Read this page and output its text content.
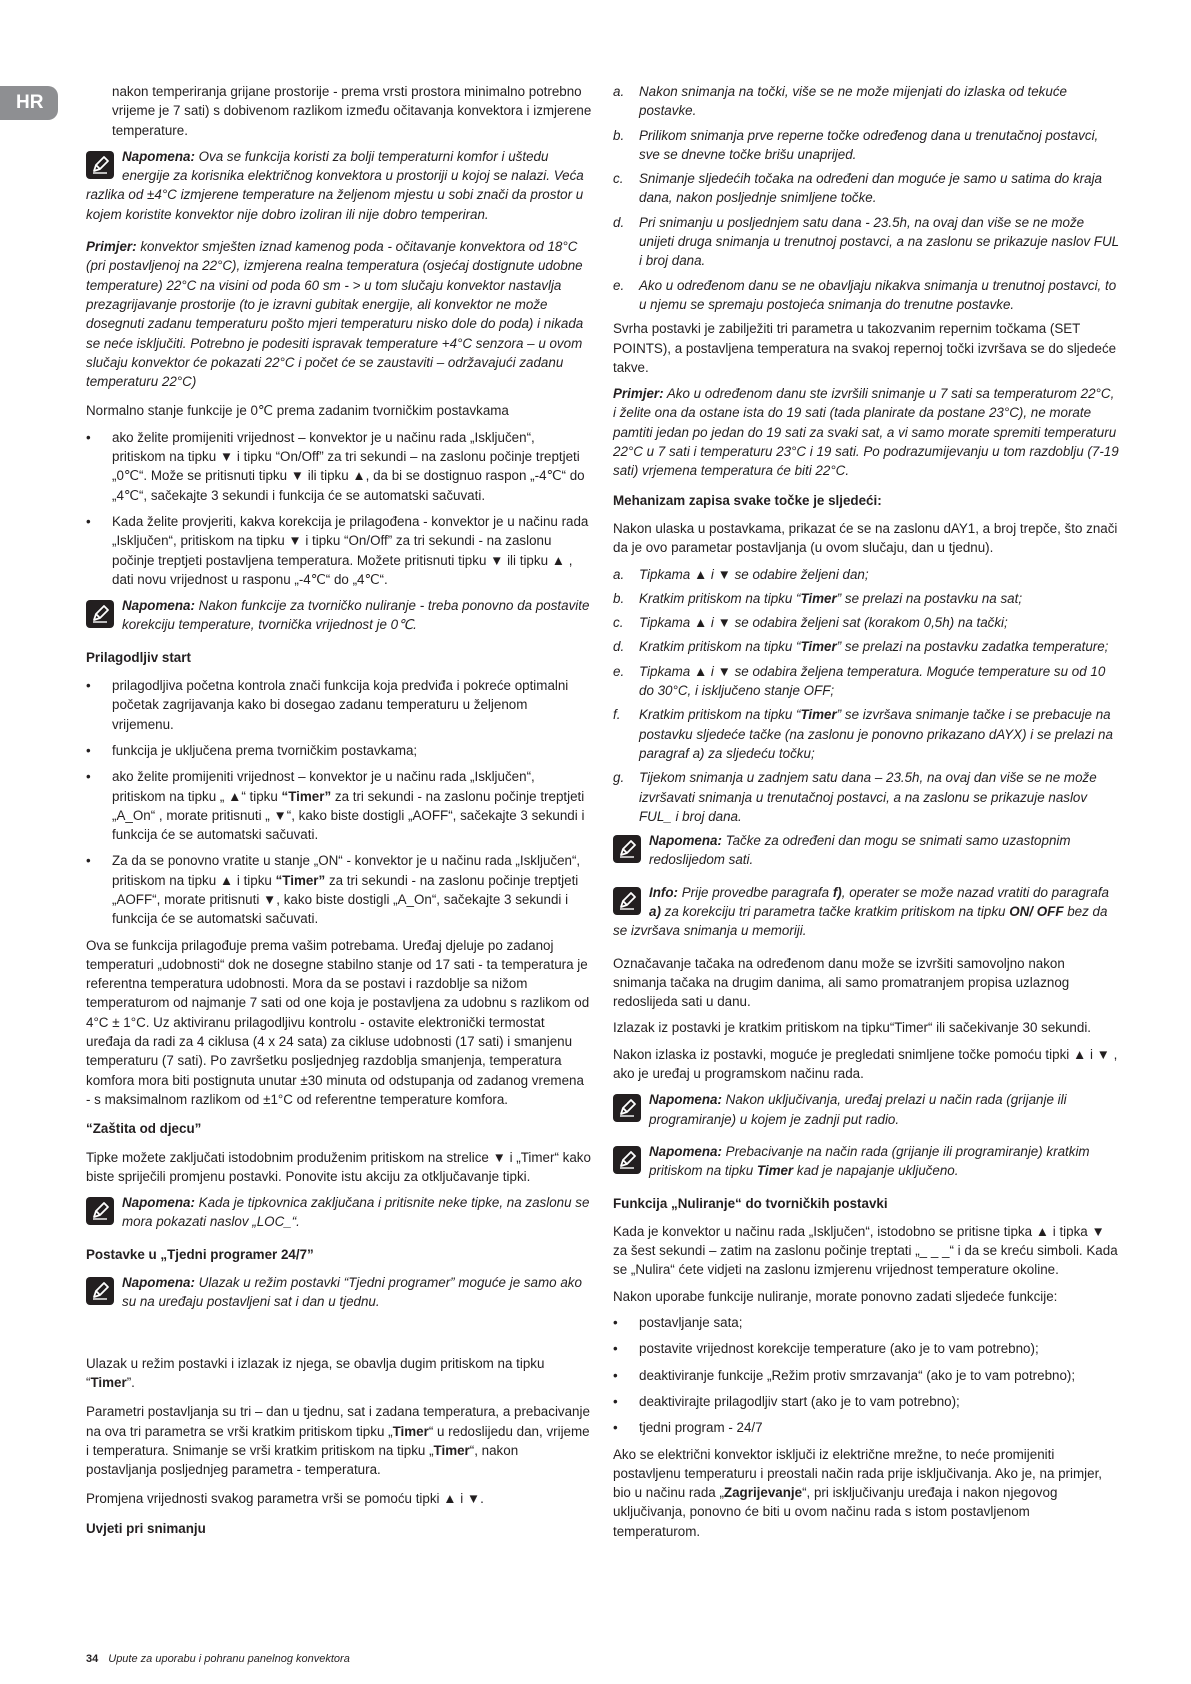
HR

nakon temperiranja grijane prostorije - prema vrsti prostora minimalno potrebno vrijeme je 7 sati) s dobivenom razlikom između očitavanja konvektora i izmjerene temperature.

Napomena: Ova se funkcija koristi za bolji temperaturni komfor i uštedu energije za korisnika električnog konvektora u prostoriji u kojoj se nalazi. Veća razlika od ±4°C izmjerene temperature na željenom mjestu u sobi znači da prostor u kojem koristite konvektor nije dobro izoliran ili nije dobro temperiran.

Primjer: konvektor smješten iznad kamenog poda - očitavanje konvektora od 18°C (pri postavljenoj na 22°C), izmjerena realna temperatura (osjećaj dostignute udobne temperature) 22°C na visini od poda 60 sm - > u tom slučaju konvektor nastavlja prezagrijavanje prostorije (to je izravni gubitak energije, ali konvektor ne može dosegnuti zadanu temperaturu pošto mjeri temperaturu nisko dole do poda) i nikada se neće isključiti. Potrebno je podesiti ispravak temperature +4°C senzora – u ovom slučaju konvektor će pokazati 22°C i počet će se zaustaviti – održavajući zadanu temperaturu 22°C)

Normalno stanje funkcije je 0℃ prema zadanim tvorničkim postavkama

• ako želite promijeniti vrijednost – konvektor je u načinu rada „Isključen“, pritiskom na tipku ▼ i tipku “On/Off” za tri sekundi – na zaslonu počinje treptjeti „0℃“. Može se pritisnuti tipku ▼ ili tipku ▲, da bi se dostignuo raspon „-4℃“ do „4℃“, sačekajte 3 sekundi i funkcija će se automatski sačuvati.
• Kada želite provjeriti, kakva korekcija je prilagođena - konvektor je u načinu rada „Isključen“, pritiskom na tipku ▼ i tipku “On/Off” za tri sekundi - na zaslonu počinje treptjeti postavljena temperatura. Možete pritisnuti tipku ▼ ili tipku ▲ , dati novu vrijednost u rasponu „-4℃“ do „4℃“.
Napomena: Nakon funkcije za tvorničko nuliranje - treba ponovno da postavite korekciju temperature, tvornička vrijednost je 0℃.
Prilagodljiv start
• prilagodljiva početna kontrola znači funkcija koja predviđa i pokreće optimalni početak zagrijavanja kako bi dosegao zadanu temperaturu u željenom vrijemenu.
• funkcija je uključena prema tvorničkim postavkama;
• ako želite promijeniti vrijednost – konvektor je u načinu rada „Isključen“, pritiskom na tipku „ ▲“ tipku “Timer” za tri sekundi - na zaslonu počinje treptjeti „A_On“ , morate pritisnuti „ ▼“, kako biste dostigli „AOFF“, sačekajte 3 sekundi i funkcija će se automatski sačuvati.
• Za da se ponovno vratite u stanje „ON“ - konvektor je u načinu rada „Isključen“, pritiskom na tipku ▲ i tipku “Timer” za tri sekundi - na zaslonu počinje treptjeti „AOFF“, morate pritisnuti ▼, kako biste dostigli „A_On“, sačekajte 3 sekundi i funkcija će se automatski sačuvati.

Ova se funkcija prilagođuje prema vašim potrebama. Uređaj djeluje po zadanoj temperaturi „udobnosti“ dok ne dosegne stabilno stanje od 17 sati - ta temperatura je referentna temperatura udobnosti. Mora da se postavi i razdoblje sa nižom temperaturom od najmanje 7 sati od one koja je postavljena za udobnu s razlikom od 4°C ± 1°C. Uz aktiviranu prilagodljivu kontrolu - ostavite elektronički termostat uređaja da radi za 4 ciklusa (4 x 24 sata) za cikluse udobnosti (17 sati) i smanjenu temperaturu (7 sati). Po završetku posljednjeg razdoblja smanjenja, temperatura komfora mora biti postignuta unutar ±30 minuta od odstupanja od zadanog vremena - s maksimalnom razlikom od ±1°C od referentne temperature komfora.

“Zaštita od djecu”

Tipke možete zaključati istodobnim produženim pritiskom na strelice ▼ i „Timer“ kako biste spriječili promjenu postavki. Ponovite istu akciju za otključavanje tipki.

Napomena: Kada je tipkovnica zaključana i pritisnite neke tipke, na zaslonu se mora pokazati naslov „LOC_“.
Postavke u „Tjedni programer 24/7”
Napomena: Ulazak u režim postavki “Tjedni programer” moguće je samo ako su na uređaju postavljeni sat i dan u tjednu.

Ulazak u režim postavki i izlazak iz njega, se obavlja dugim pritiskom na tipku “Timer”.

Parametri postavljanja su tri – dan u tjednu, sat i zadana temperatura, a prebacivanje na ova tri parametra se vrši kratkim pritiskom tipku „Timer“ u redoslijedu dan, vrijeme i temperatura. Snimanje se vrši kratkim pritiskom na tipku „Timer“, nakon postavljanja posljednjeg parametra - temperatura.

Promjena vrijednosti svakog parametra vrši se pomoću tipki ▲ i ▼.

Uvjeti pri snimanju
a. Nakon snimanja na točki, više se ne može mijenjati do izlaska od tekuće postavke.
b. Prilikom snimanja prve reperne točke određenog dana u trenutačnoj postavci, sve se dnevne točke brišu unaprijed.
c. Snimanje sljedećih točaka na određeni dan moguće je samo u satima do kraja dana, nakon posljednje snimljene točke.
d. Pri snimanju u posljednjem satu dana - 23.5h, na ovaj dan više se ne može unijeti druga snimanja u trenutnoj postavci, a na zaslonu se prikazuje naslov FUL i broj dana.
e. Ako u određenom danu se ne obavljaju nikakva snimanja u trenutnoj postavci, to u njemu se spremaju postojeća snimanja do trenutne postavke.

Svrha postavki je zabilježiti tri parametra u takozvanim repernim točkama (SET POINTS), a postavljena temperatura na svakoj repernoj točki izvršava se do sljedeće takve.

Primjer: Ako u određenom danu ste izvršili snimanje u 7 sati sa temperaturom 22°C, i želite ona da ostane ista do 19 sati (tada planirate da postane 23°C), ne morate pamtiti jedan po jedan do 19 sati za svaki sat, a vi samo morate spremiti temperaturu 22°C u 7 sati i temperaturu 23°C i 19 sati. Po podrazumijevanju u tom razdoblju (7-19 sati) vrjemena temperatura će biti 22°C.

Mehanizam zapisa svake točke je sljedeći:

Nakon ulaska u postavkama, prikazat će se na zaslonu dAY1, a broj trepče, što znači da je ovo parametar postavljanja (u ovom slučaju, dan u tjednu).

a. Tipkama ▲ i ▼ se odabire željeni dan;
b. Kratkim pritiskom na tipku “Timer” se prelazi na postavku na sat;
c. Tipkama ▲ i ▼ se odabira željeni sat (korakom 0,5h) na tački;
d. Kratkim pritiskom na tipku “Timer” se prelazi na postavku zadatka temperature;
e. Tipkama ▲ i ▼ se odabira željena temperatura. Moguće temperature su od 10 do 30°C, i isključeno stanje OFF;
f. Kratkim pritiskom na tipku “Timer” se izvršava snimanje tačke i se prebacuje na postavku sljedeće tačke (na zaslonu je ponovno prikazano dAYX) i se prelazi na paragraf a) za sljedeću točku;
g. Tijekom snimanja u zadnjem satu dana – 23.5h, na ovaj dan više se ne može izvršavati snimanja u trenutačnoj postavci, a na zaslonu se prikazuje naslov FUL_ i broj dana.
Napomena: Tačke za određeni dan mogu se snimati samo uzastopnim redoslijedom sati.
Info: Prije provedbe paragrafa f), operater se može nazad vratiti do paragrafa a) za korekciju tri parametra tačke kratkim pritiskom na tipku ON/ OFF bez da se izvršava snimanja u memoriji.

Označavanje tačaka na određenom danu može se izvršiti samovoljno nakon snimanja tačaka na drugim danima, ali samo promatranjem propisa uzlaznog redoslijeda sati u danu.

Izlazak iz postavki je kratkim pritiskom na tipku“Timer“ ili sačekivanje 30 sekundi.

Nakon izlaska iz postavki, moguće je pregledati snimljene točke pomoću tipki ▲ i ▼ , ako je uređaj u programskom načinu rada.

Napomena: Nakon uključivanja, uređaj prelazi u način rada (grijanje ili programiranje) u kojem je zadnji put radio.
Napomena: Prebacivanje na način rada (grijanje ili programiranje) kratkim pritiskom na tipku Timer kad je napajanje uključeno.
Funkcija „Nuliranje“ do tvorničkih postavki

Kada je konvektor u načinu rada „Isključen“, istodobno se pritisne tipka ▲ i tipka ▼ za šest sekundi – zatim na zaslonu počinje treptati „_ _ _“ i da se kreću simboli. Kada se „Nulira“ ćete vidjeti na zaslonu izmjerenu vrijednost temperature okoline.

Nakon uporabe funkcije nuliranje, morate ponovno zadati sljedeće funkcije:

• postavljanje sata;
• postavite vrijednost korekcije temperature (ako je to vam potrebno);
• deaktiviranje funkcije „Režim protiv smrzavanja“ (ako je to vam potrebno);
• deaktivirajte prilagodljiv start (ako je to vam potrebno);
• tjedni program - 24/7

Ako se električni konvektor isključi iz električne mrežne, to neće promijeniti postavljenu temperaturu i preostali način rada prije isključivanja. Ako je, na primjer, bio u načinu rada „Zagrijevanje“, pri isključivanju uređaja i nakon njegovog uključivanja, ponovno će biti u ovom načinu rada s istom postavljenom temperaturom.

34 Upute za uporabu i pohranu panelnog konvektora
